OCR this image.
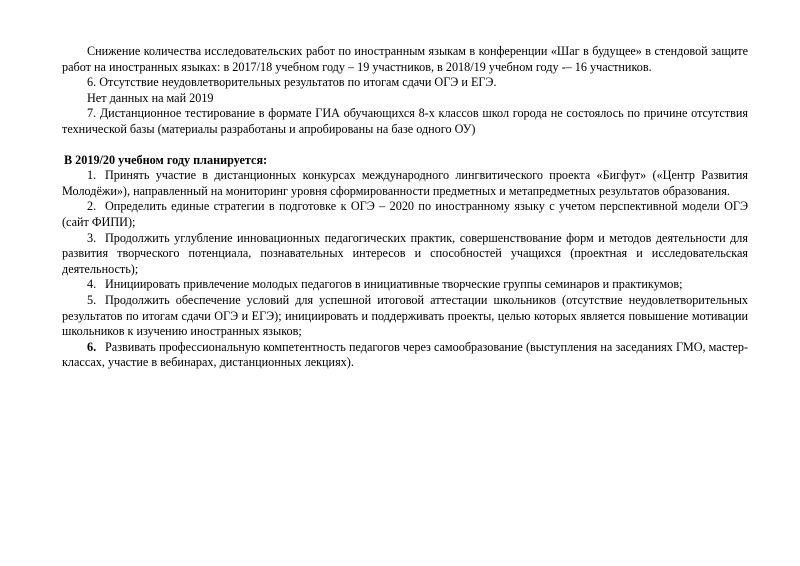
Снижение количества исследовательских работ по иностранным языкам в конференции «Шаг в будущее» в стендовой защите работ на иностранных языках: в 2017/18 учебном году – 19 участников, в 2018/19 учебном году -– 16 участников.

6. Отсутствие неудовлетворительных результатов по итогам сдачи ОГЭ и ЕГЭ.

Нет данных на май 2019

7. Дистанционное тестирование в формате ГИА обучающихся 8-х классов школ города не состоялось по причине отсутствия технической базы (материалы разработаны и апробированы на базе одного ОУ)

В 2019/20 учебном году планируется:

1. Принять участие в дистанционных конкурсах международного лингвитического проекта «Бигфут» («Центр Развития Молодёжи»), направленный на мониторинг уровня сформированности предметных и метапредметных результатов образования.

2. Определить единые стратегии в подготовке к ОГЭ – 2020 по иностранному языку с учетом перспективной модели ОГЭ (сайт ФИПИ);

3. Продолжить углубление инновационных педагогических практик, совершенствование форм и методов деятельности для развития творческого потенциала, познавательных интересов и способностей учащихся (проектная и исследовательская деятельность);

4. Инициировать привлечение молодых педагогов в инициативные творческие группы семинаров и практикумов;

5. Продолжить обеспечение условий для успешной итоговой аттестации школьников (отсутствие неудовлетворительных результатов по итогам сдачи ОГЭ и ЕГЭ); инициировать и поддерживать проекты, целью которых является повышение мотивации школьников к изучению иностранных языков;

6. Развивать профессиональную компетентность педагогов через самообразование (выступления на заседаниях ГМО, мастер-классах, участие в вебинарах, дистанционных лекциях).
